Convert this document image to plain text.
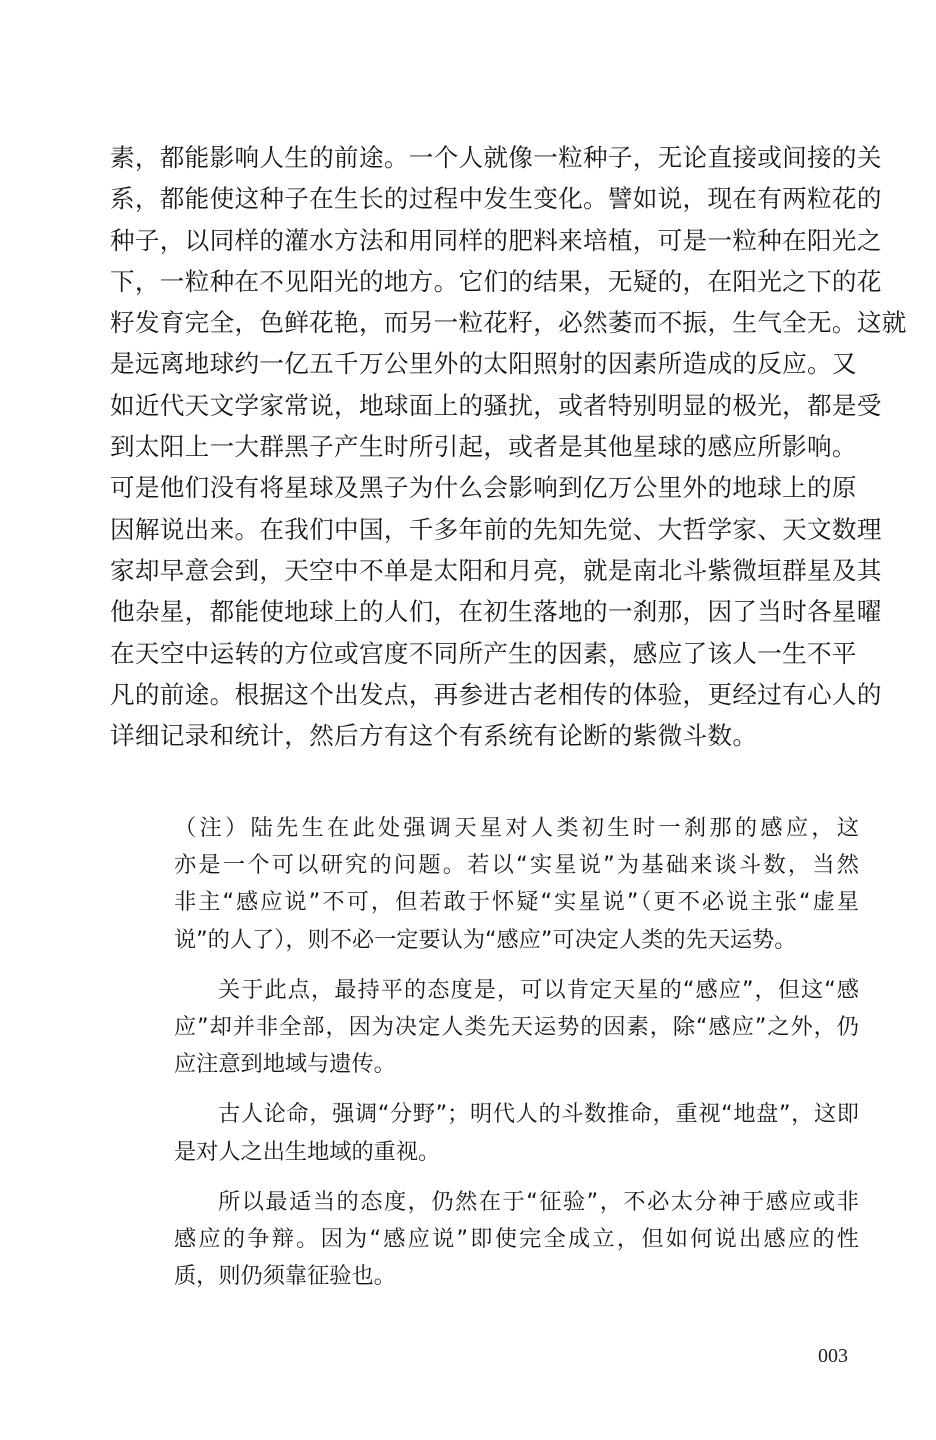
素，都能影响人生的前途。一个人就像一粒种子，无论直接或间接的关
系，都能使这种子在生长的过程中发生变化。譬如说，现在有两粒花的
种子，以同样的灌水方法和用同样的肥料来培植，可是一粒种在阳光之
下，一粒种在不见阳光的地方。它们的结果，无疑的，在阳光之下的花
籽发育完全，色鲜花艳，而另一粒花籽，必然萎而不振，生气全无。这就
是远离地球约一亿五千万公里外的太阳照射的因素所造成的反应。又
如近代天文学家常说，地球面上的骚扰，或者特别明显的极光，都是受
到太阳上一大群黑子产生时所引起，或者是其他星球的感应所影响。
可是他们没有将星球及黑子为什么会影响到亿万公里外的地球上的原
因解说出来。在我们中国，千多年前的先知先觉、大哲学家、天文数理
家却早意会到，天空中不单是太阳和月亮，就是南北斗紫微垣群星及其
他杂星，都能使地球上的人们，在初生落地的一刹那，因了当时各星曜
在天空中运转的方位或宫度不同所产生的因素，感应了该人一生不平
凡的前途。根据这个出发点，再参进古老相传的体验，更经过有心人的
详细记录和统计，然后方有这个有系统有论断的紫微斗数。

（注）陆先生在此处强调天星对人类初生时一刹那的感应，这
亦是一个可以研究的问题。若以“实星说”为基础来谈斗数，当然
非主“感应说”不可，但若敢于怀疑“实星说”（更不必说主张“虚星
说”的人了），则不必一定要认为“感应”可决定人类的先天运势。

关于此点，最持平的态度是，可以肯定天星的“感应”，但这“感
应”却并非全部，因为决定人类先天运势的因素，除“感应”之外，仍
应注意到地域与遗传。

古人论命，强调“分野”；明代人的斗数推命，重视“地盘”，这即
是对人之出生地域的重视。

所以最适当的态度，仍然在于“征验”，不必太分神于感应或非
感应的争辩。因为“感应说”即使完全成立，但如何说出感应的性
质，则仍须靠征验也。

003
